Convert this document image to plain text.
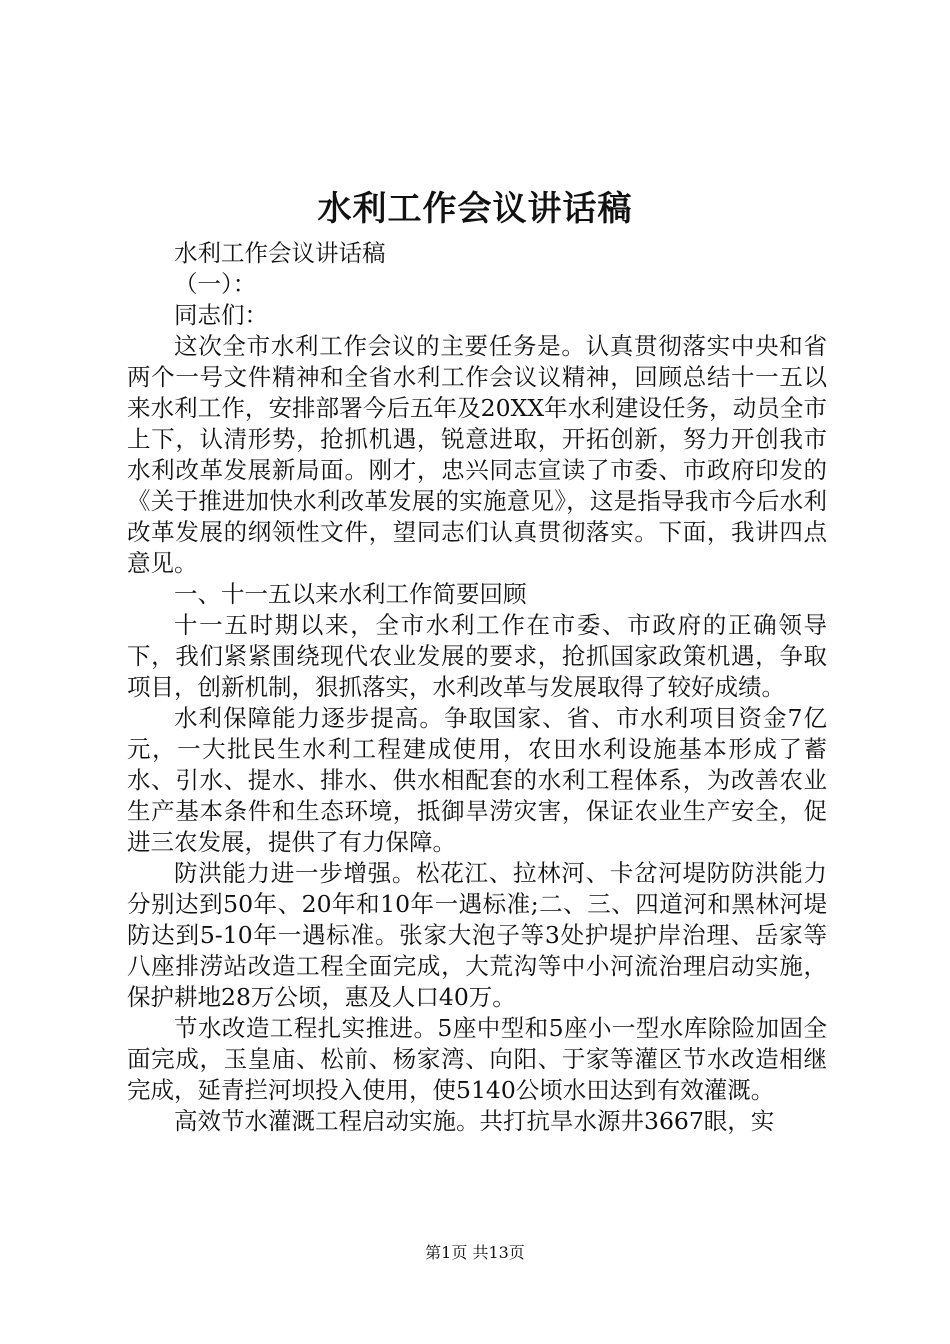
水利工作会议讲话稿

水利工作会议讲话稿

（一）：

同志们：

这次全市水利工作会议的主要任务是。认真贯彻落实中央和省两个一号文件精神和全省水利工作会议议精神，回顾总结十一五以来水利工作，安排部署今后五年及20XX年水利建设任务，动员全市上下，认清形势，抢抓机遇，锐意进取，开拓创新，努力开创我市水利改革发展新局面。刚才，忠兴同志宣读了市委、市政府印发的《关于推进加快水利改革发展的实施意见》，这是指导我市今后水利改革发展的纲领性文件，望同志们认真贯彻落实。下面，我讲四点意见。

一、十一五以来水利工作简要回顾

十一五时期以来，全市水利工作在市委、市政府的正确领导下，我们紧紧围绕现代农业发展的要求，抢抓国家政策机遇，争取项目，创新机制，狠抓落实，水利改革与发展取得了较好成绩。

水利保障能力逐步提高。争取国家、省、市水利项目资金7亿元，一大批民生水利工程建成使用，农田水利设施基本形成了蓄水、引水、提水、排水、供水相配套的水利工程体系，为改善农业生产基本条件和生态环境，抵御旱涝灾害，保证农业生产安全，促进三农发展，提供了有力保障。

防洪能力进一步增强。松花江、拉林河、卡岔河堤防防洪能力分别达到50年、20年和10年一遇标准;二、三、四道河和黑林河堤防达到5-10年一遇标准。张家大泡子等3处护堤护岸治理、岳家等八座排涝站改造工程全面完成，大荒沟等中小河流治理启动实施，保护耕地28万公顷，惠及人口40万。

节水改造工程扎实推进。5座中型和5座小一型水库除险加固全面完成，玉皇庙、松前、杨家湾、向阳、于家等灌区节水改造相继完成，延青拦河坝投入使用，使5140公顷水田达到有效灌溉。

高效节水灌溉工程启动实施。共打抗旱水源井3667眼，实

第1页 共13页
